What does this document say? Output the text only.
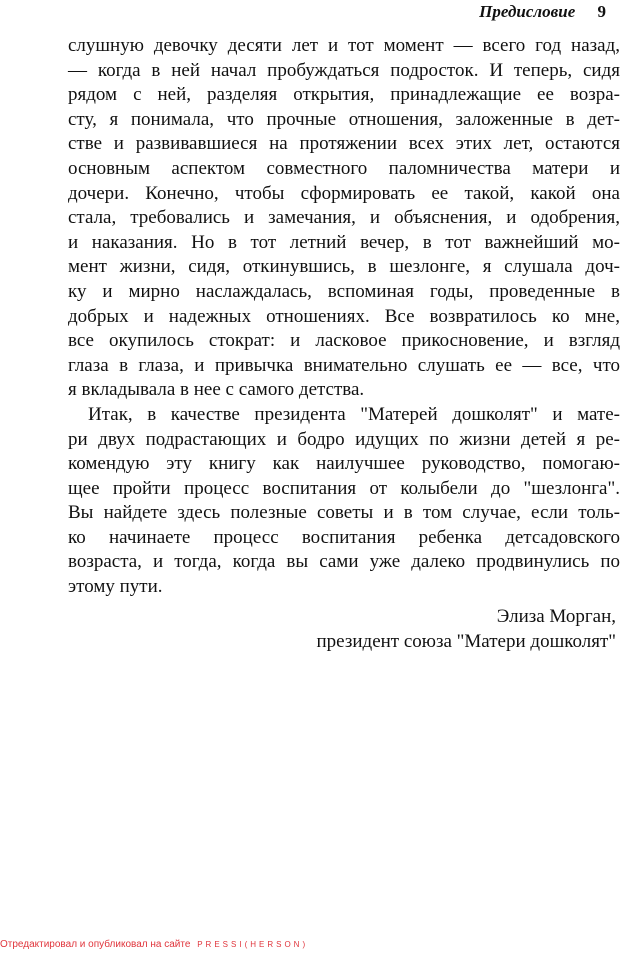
Предисловие 9
слушную девочку десяти лет и тот момент — всего год назад,
— когда в ней начал пробуждаться подросток. И теперь, сидя
рядом с ней, разделяя открытия, принадлежащие ее возра-
сту, я понимала, что прочные отношения, заложенные в дет-
стве и развивавшиеся на протяжении всех этих лет, остаются
основным аспектом совместного паломничества матери и
дочери. Конечно, чтобы сформировать ее такой, какой она
стала, требовались и замечания, и объяснения, и одобрения,
и наказания. Но в тот летний вечер, в тот важнейший мо-
мент жизни, сидя, откинувшись, в шезлонге, я слушала доч-
ку и мирно наслаждалась, вспоминая годы, проведенные в
добрых и надежных отношениях. Все возвратилось ко мне,
все окупилось стократ: и ласковое прикосновение, и взгляд
глаза в глаза, и привычка внимательно слушать ее — все, что
я вкладывала в нее с самого детства.
Итак, в качестве президента "Матерей дошколят" и мате-
ри двух подрастающих и бодро идущих по жизни детей я ре-
комендую эту книгу как наилучшее руководство, помогаю-
щее пройти процесс воспитания от колыбели до "шезлонга".
Вы найдете здесь полезные советы и в том случае, если толь-
ко начинаете процесс воспитания ребенка детсадовского
возраста, и тогда, когда вы сами уже далеко продвинулись по
этому пути.
Элиза Морган,
президент союза "Матери дошколят"
Отредактировал и опубликовал на сайте PRESSI(HERSON)
